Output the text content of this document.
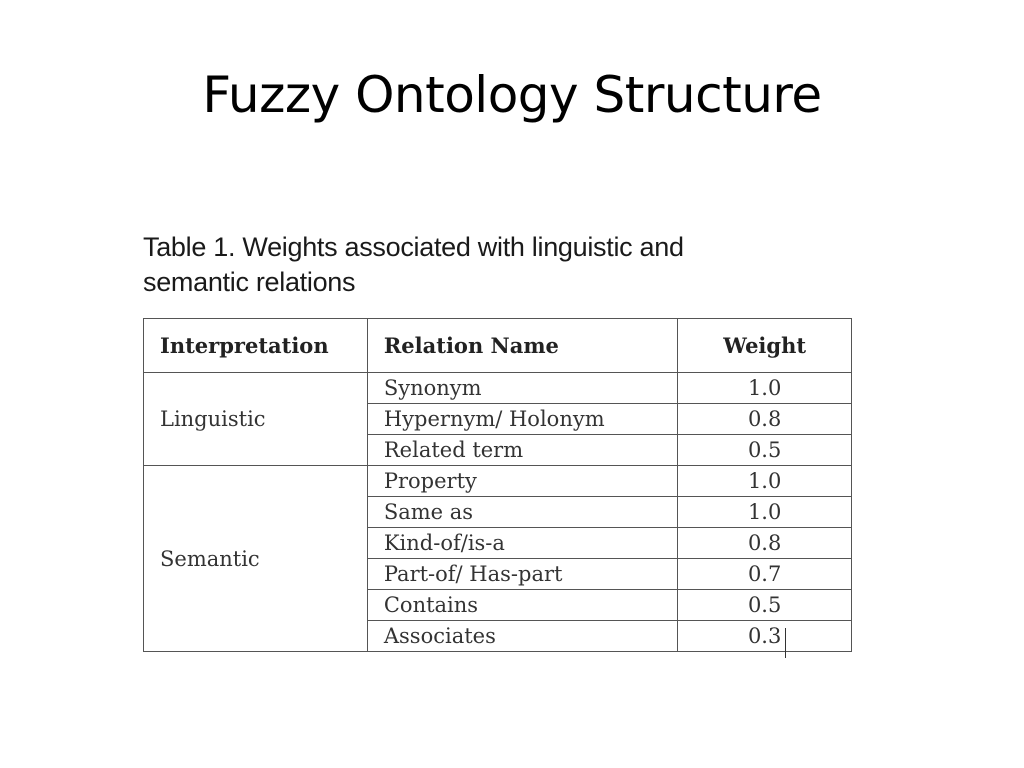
Fuzzy Ontology Structure
Table 1. Weights associated with linguistic and
semantic relations
Interpretation	Relation Name	Weight
Linguistic	Synonym	1.0
	Hypernym/ Holonym	0.8
	Related term	0.5
Semantic	Property	1.0
	Same as	1.0
	Kind-of/is-a	0.8
	Part-of/ Has-part	0.7
	Contains	0.5
	Associates	0.3
